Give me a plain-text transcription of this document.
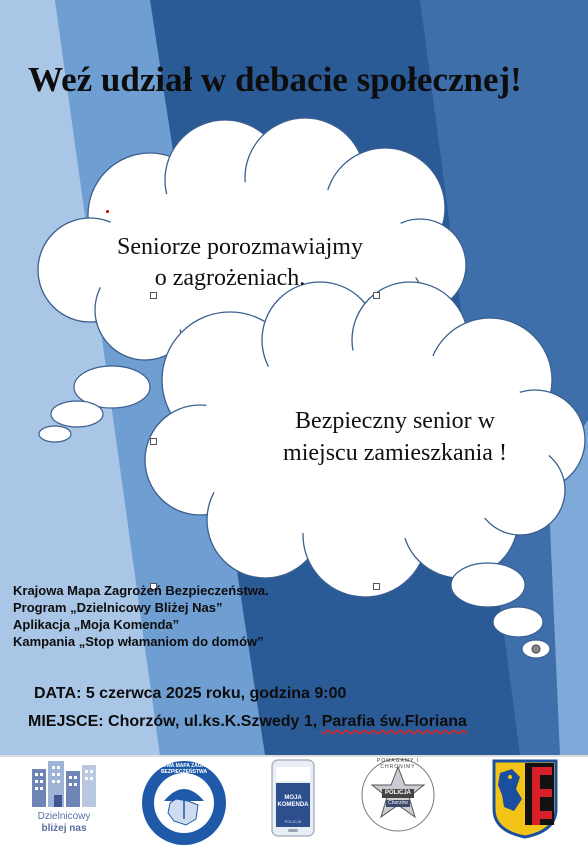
Weź udział w debacie społecznej!
Seniorze porozmawiajmy

o zagrożeniach.
Bezpieczny senior w
miejscu zamieszkania !
Krajowa Mapa Zagrożeń Bezpieczeństwa.
Program „Dzielnicowy Bliżej Nas”
Aplikacja „Moja Komenda”
Kampania „Stop włamaniom do domów”
DATA: 5 czerwca 2025 roku, godzina 9:00
MIEJSCE: Chorzów, ul.ks.K.Szwedy 1, Parafia św.Floriana
Dzielnicowy
bliżej nas
KRAJOWA MAPA ZAGROŻEŃ BEZPIECZEŃSTWA
MOJA
KOMENDA
POLICJA
POMAGAMY I CHRONIMY
POLICJA
Chorzów
